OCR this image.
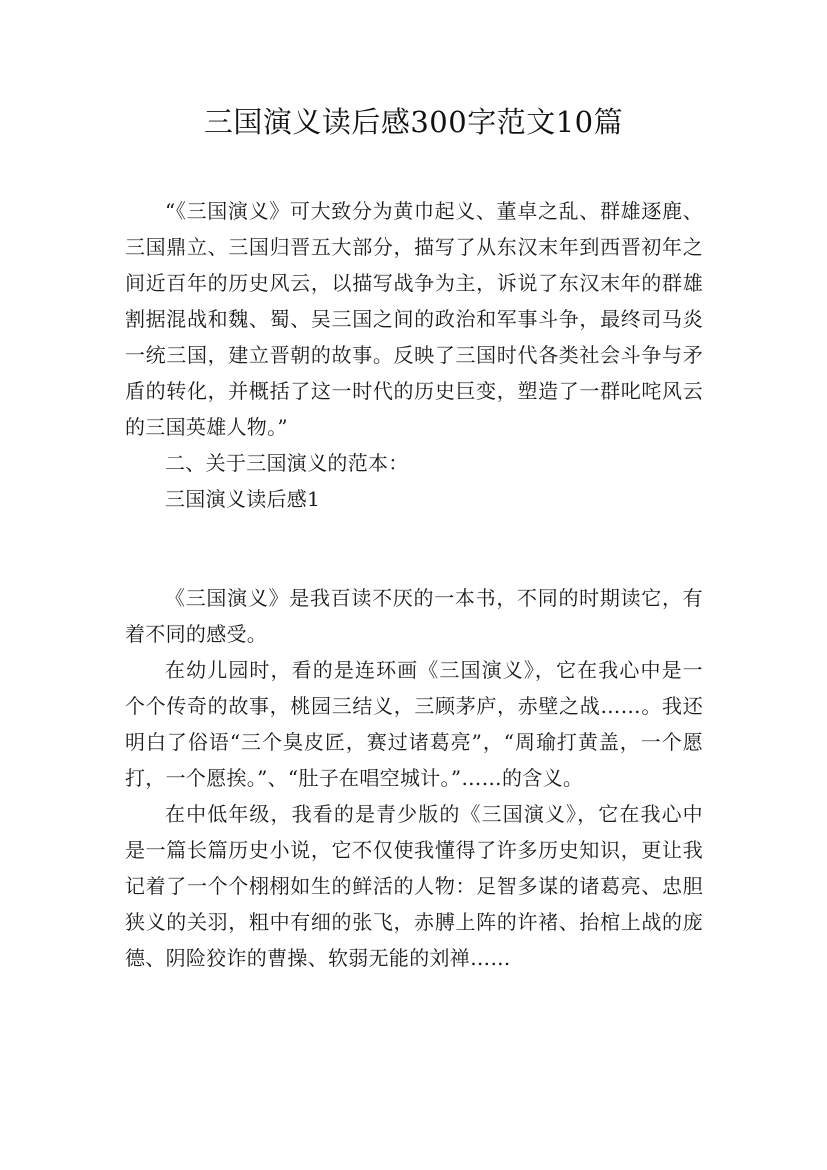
三国演义读后感300字范文10篇

“《三国演义》可大致分为黄巾起义、董卓之乱、群雄逐鹿、三国鼎立、三国归晋五大部分，描写了从东汉末年到西晋初年之间近百年的历史风云，以描写战争为主，诉说了东汉末年的群雄割据混战和魏、蜀、吴三国之间的政治和军事斗争，最终司马炎一统三国，建立晋朝的故事。反映了三国时代各类社会斗争与矛盾的转化，并概括了这一时代的历史巨变，塑造了一群叱咤风云的三国英雄人物。”

二、关于三国演义的范本：

三国演义读后感1

《三国演义》是我百读不厌的一本书，不同的时期读它，有着不同的感受。

在幼儿园时，看的是连环画《三国演义》，它在我心中是一个个传奇的故事，桃园三结义，三顾茅庐，赤壁之战……。我还明白了俗语“三个臭皮匠，赛过诸葛亮”，“周瑜打黄盖，一个愿打，一个愿挨。”、“肚子在唱空城计。”……的含义。

在中低年级，我看的是青少版的《三国演义》，它在我心中是一篇长篇历史小说，它不仅使我懂得了许多历史知识，更让我记着了一个个栩栩如生的鲜活的人物：足智多谋的诸葛亮、忠胆狭义的关羽，粗中有细的张飞，赤膊上阵的许褚、抬棺上战的庞德、阴险狡诈的曹操、软弱无能的刘禅……
